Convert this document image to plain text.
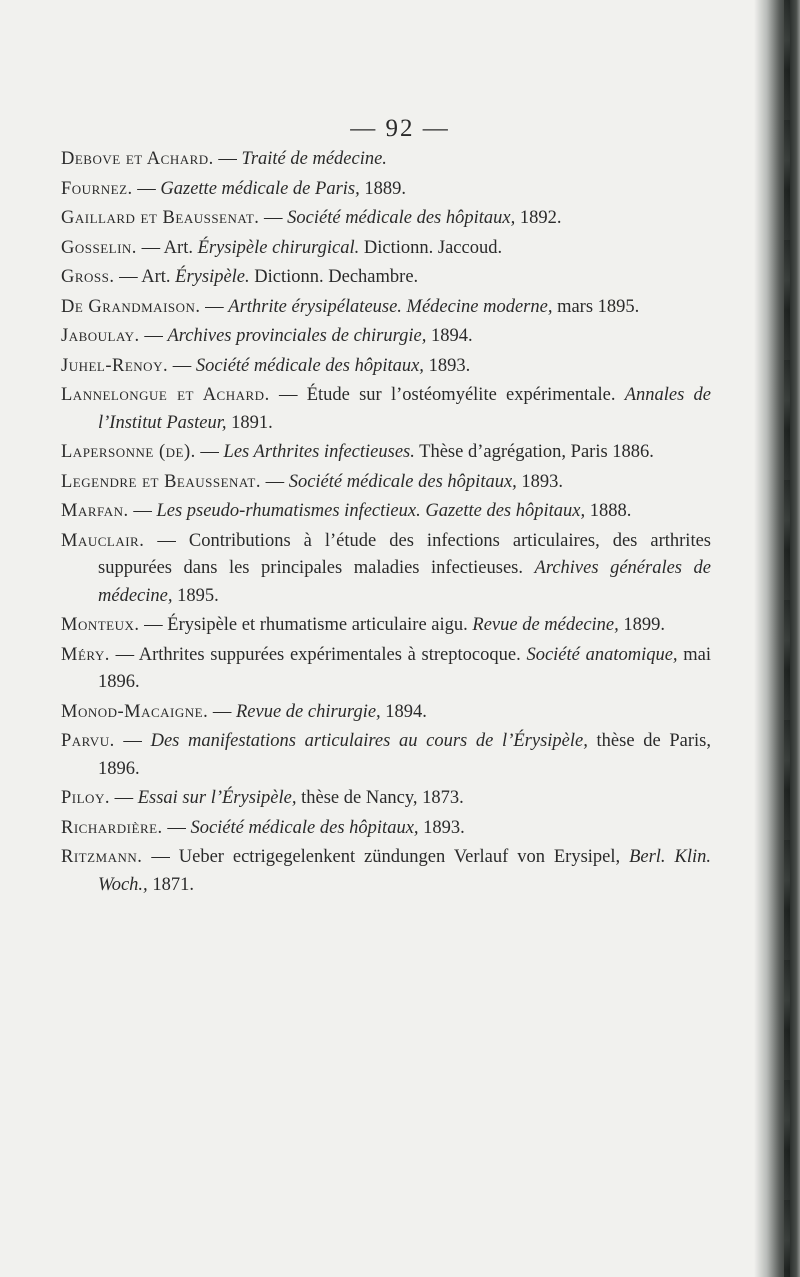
— 92 —

Debove et Achard. — Traité de médecine.

Fournez. — Gazette médicale de Paris, 1889.

Gaillard et Beaussenat. — Société médicale des hôpitaux, 1892.

Gosselin. — Art. Érysipèle chirurgical. Dictionn. Jaccoud.

Gross. — Art. Érysipèle. Dictionn. Dechambre.

De Grandmaison. — Arthrite érysipélateuse. Médecine moderne, mars 1895.

Jaboulay. — Archives provinciales de chirurgie, 1894.

Juhel-Renoy. — Société médicale des hôpitaux, 1893.

Lannelongue et Achard. — Étude sur l’ostéomyélite expérimentale. Annales de l’Institut Pasteur, 1891.

Lapersonne (de). — Les Arthrites infectieuses. Thèse d’agrégation, Paris 1886.

Legendre et Beaussenat. — Société médicale des hôpitaux, 1893.

Marfan. — Les pseudo-rhumatismes infectieux. Gazette des hôpitaux, 1888.

Mauclair. — Contributions à l’étude des infections articulaires, des arthrites suppurées dans les principales maladies infectieuses. Archives générales de médecine, 1895.

Monteux. — Érysipèle et rhumatisme articulaire aigu. Revue de médecine, 1899.

Méry. — Arthrites suppurées expérimentales à streptocoque. Société anatomique, mai 1896.

Monod-Macaigne. — Revue de chirurgie, 1894.

Parvu. — Des manifestations articulaires au cours de l’Érysipèle, thèse de Paris, 1896.

Piloy. — Essai sur l’Érysipèle, thèse de Nancy, 1873.

Richardière. — Société médicale des hôpitaux, 1893.

Ritzmann. — Ueber ectrigegelenkent zündungen Verlauf von Erysipel, Berl. Klin. Woch., 1871.
